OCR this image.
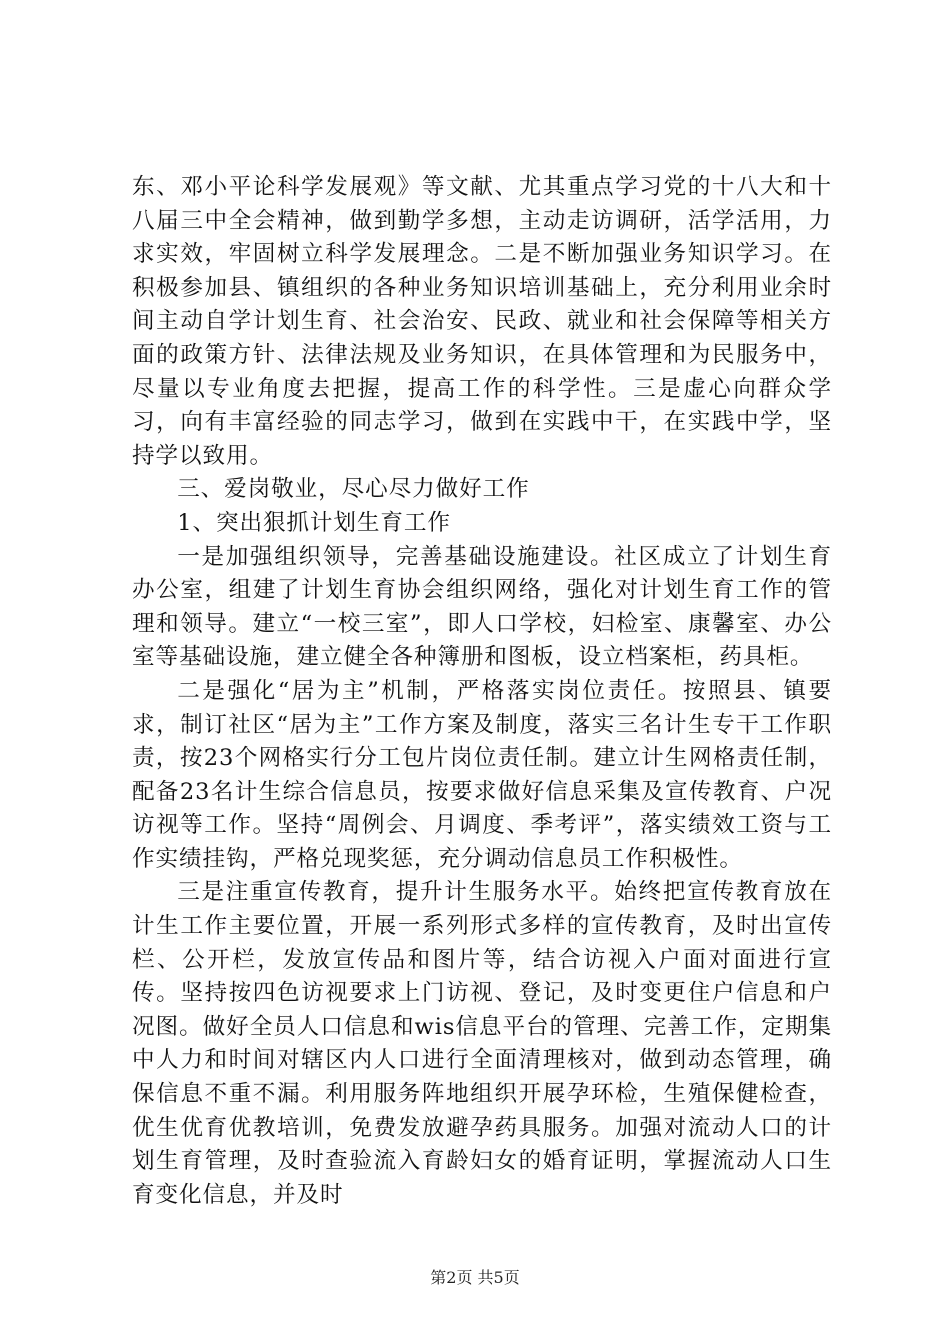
东、邓小平论科学发展观》等文献、尤其重点学习党的十八大和十八届三中全会精神，做到勤学多想，主动走访调研，活学活用，力求实效，牢固树立科学发展理念。二是不断加强业务知识学习。在积极参加县、镇组织的各种业务知识培训基础上，充分利用业余时间主动自学计划生育、社会治安、民政、就业和社会保障等相关方面的政策方针、法律法规及业务知识，在具体管理和为民服务中，尽量以专业角度去把握，提高工作的科学性。三是虚心向群众学习，向有丰富经验的同志学习，做到在实践中干，在实践中学，坚持学以致用。

三、爱岗敬业，尽心尽力做好工作

1、突出狠抓计划生育工作

一是加强组织领导，完善基础设施建设。社区成立了计划生育办公室，组建了计划生育协会组织网络，强化对计划生育工作的管理和领导。建立“一校三室”，即人口学校，妇检室、康馨室、办公室等基础设施，建立健全各种簿册和图板，设立档案柜，药具柜。

二是强化“居为主”机制，严格落实岗位责任。按照县、镇要求，制订社区“居为主”工作方案及制度，落实三名计生专干工作职责，按23个网格实行分工包片岗位责任制。建立计生网格责任制，配备23名计生综合信息员，按要求做好信息采集及宣传教育、户况访视等工作。坚持“周例会、月调度、季考评”，落实绩效工资与工作实绩挂钩，严格兑现奖惩，充分调动信息员工作积极性。

三是注重宣传教育，提升计生服务水平。始终把宣传教育放在计生工作主要位置，开展一系列形式多样的宣传教育，及时出宣传栏、公开栏，发放宣传品和图片等，结合访视入户面对面进行宣传。坚持按四色访视要求上门访视、登记，及时变更住户信息和户况图。做好全员人口信息和wis信息平台的管理、完善工作，定期集中人力和时间对辖区内人口进行全面清理核对，做到动态管理，确保信息不重不漏。利用服务阵地组织开展孕环检，生殖保健检查，优生优育优教培训，免费发放避孕药具服务。加强对流动人口的计划生育管理，及时查验流入育龄妇女的婚育证明，掌握流动人口生育变化信息，并及时

第2页 共5页
